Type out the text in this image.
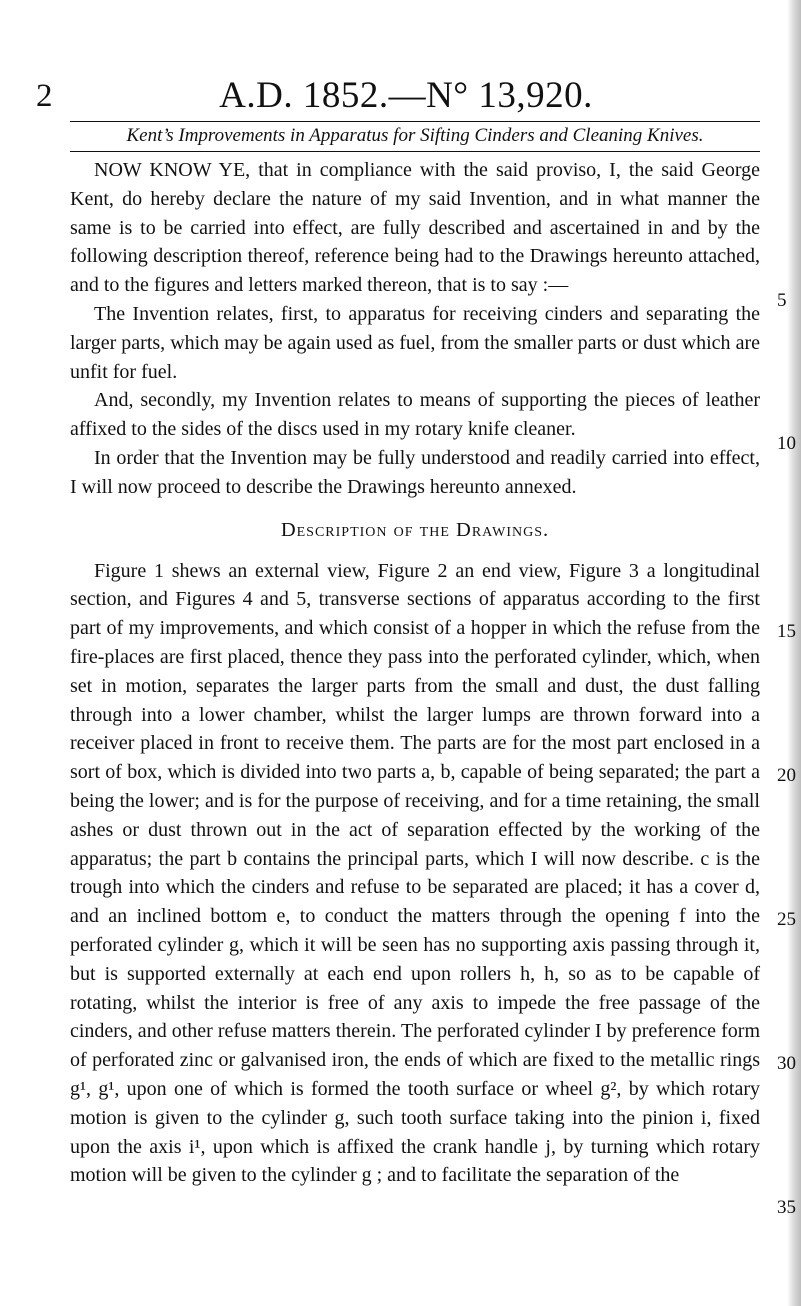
2	A.D. 1852.—N° 13,920.
Kent’s Improvements in Apparatus for Sifting Cinders and Cleaning Knives.

NOW KNOW YE, that in compliance with the said proviso, I, the said George Kent, do hereby declare the nature of my said Invention, and in what manner the same is to be carried into effect, are fully described and ascertained in and by the following description thereof, reference being had to the Drawings hereunto attached, and to the figures and letters marked thereon, that is to say :—

The Invention relates, first, to apparatus for receiving cinders and separating the larger parts, which may be again used as fuel, from the smaller parts or dust which are unfit for fuel.

And, secondly, my Invention relates to means of supporting the pieces of leather affixed to the sides of the discs used in my rotary knife cleaner.

In order that the Invention may be fully understood and readily carried into effect, I will now proceed to describe the Drawings hereunto annexed.

Description of the Drawings.

Figure 1 shews an external view, Figure 2 an end view, Figure 3 a longitudinal section, and Figures 4 and 5, transverse sections of apparatus according to the first part of my improvements, and which consist of a hopper in which the refuse from the fire-places are first placed, thence they pass into the perforated cylinder, which, when set in motion, separates the larger parts from the small and dust, the dust falling through into a lower chamber, whilst the larger lumps are thrown forward into a receiver placed in front to receive them. The parts are for the most part enclosed in a sort of box, which is divided into two parts a, b, capable of being separated; the part a being the lower; and is for the purpose of receiving, and for a time retaining, the small ashes or dust thrown out in the act of separation effected by the working of the apparatus; the part b contains the principal parts, which I will now describe. c is the trough into which the cinders and refuse to be separated are placed; it has a cover d, and an inclined bottom e, to conduct the matters through the opening f into the perforated cylinder g, which it will be seen has no supporting axis passing through it, but is supported externally at each end upon rollers h, h, so as to be capable of rotating, whilst the interior is free of any axis to impede the free passage of the cinders, and other refuse matters therein. The perforated cylinder I by preference form of perforated zinc or galvanised iron, the ends of which are fixed to the metallic rings g¹, g¹, upon one of which is formed the tooth surface or wheel g², by which rotary motion is given to the cylinder g, such tooth surface taking into the pinion i, fixed upon the axis i¹, upon which is affixed the crank handle j, by turning which rotary motion will be given to the cylinder g ; and to facilitate the separation of the

5
10
15
20
25
30
35
